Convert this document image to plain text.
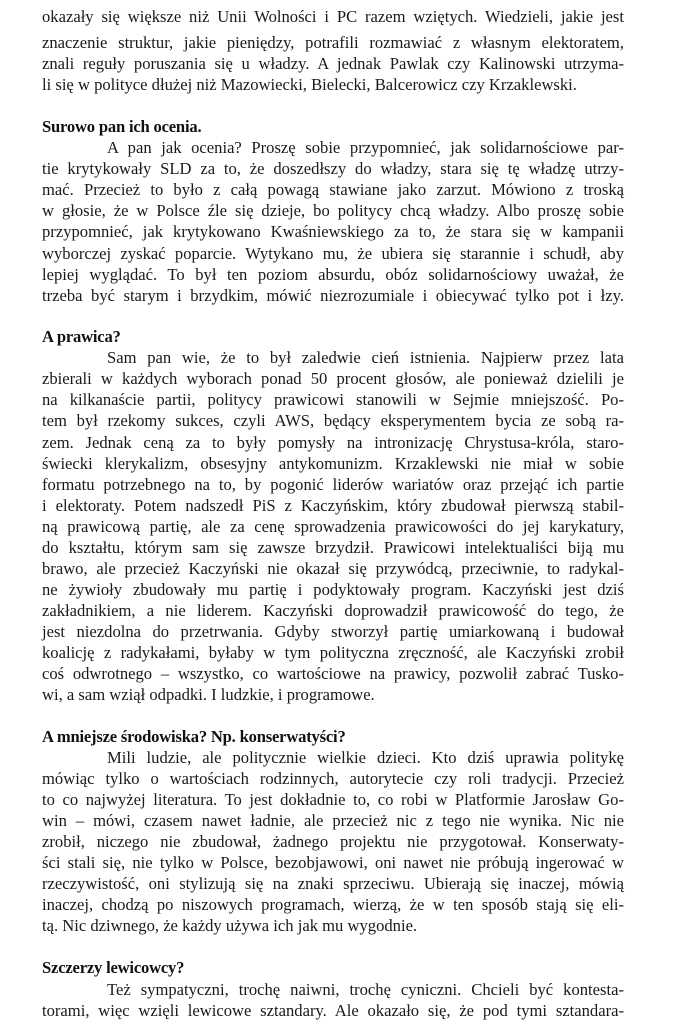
okazały się większe niż Unii Wolności i PC razem wziętych. Wiedzieli, jakie jest
znaczenie struktur, jakie pieniędzy, potrafili rozmawiać z własnym elektoratem,
znali reguły poruszania się u władzy. A jednak Pawlak czy Kalinowski utrzyma-
li się w polityce dłużej niż Mazowiecki, Bielecki, Balcerowicz czy Krzaklewski.
Surowo pan ich ocenia.
A pan jak ocenia? Proszę sobie przypomnieć, jak solidarnościowe par-
tie krytykowały SLD za to, że doszedłszy do władzy, stara się tę władzę utrzy-
mać. Przecież to było z całą powagą stawiane jako zarzut. Mówiono z troską
w głosie, że w Polsce źle się dzieje, bo politycy chcą władzy. Albo proszę sobie
przypomnieć, jak krytykowano Kwaśniewskiego za to, że stara się w kampanii
wyborczej zyskać poparcie. Wytykano mu, że ubiera się starannie i schudł, aby
lepiej wyglądać. To był ten poziom absurdu, obóz solidarnościowy uważał, że
trzeba być starym i brzydkim, mówić niezrozumiale i obiecywać tylko pot i łzy.
A prawica?
Sam pan wie, że to był zaledwie cień istnienia. Najpierw przez lata
zbierali w każdych wyborach ponad 50 procent głosów, ale ponieważ dzielili je
na kilkanaście partii, politycy prawicowi stanowili w Sejmie mniejszość. Po-
tem był rzekomy sukces, czyli AWS, będący eksperymentem bycia ze sobą ra-
zem. Jednak ceną za to były pomysły na intronizację Chrystusa-króla, staro-
świecki klerykalizm, obsesyjny antykomunizm. Krzaklewski nie miał w sobie
formatu potrzebnego na to, by pogonić liderów wariatów oraz przejąć ich partie
i elektoraty. Potem nadszedł PiS z Kaczyńskim, który zbudował pierwszą stabil-
ną prawicową partię, ale za cenę sprowadzenia prawicowości do jej karykatury,
do kształtu, którym sam się zawsze brzydził. Prawicowi intelektualiści biją mu
brawo, ale przecież Kaczyński nie okazał się przywódcą, przeciwnie, to radykal-
ne żywioły zbudowały mu partię i podyktowały program. Kaczyński jest dziś
zakładnikiem, a nie liderem. Kaczyński doprowadził prawicowość do tego, że
jest niezdolna do przetrwania. Gdyby stworzył partię umiarkowaną i budował
koalicję z radykałami, byłaby w tym polityczna zręczność, ale Kaczyński zrobił
coś odwrotnego – wszystko, co wartościowe na prawicy, pozwolił zabrać Tusko-
wi, a sam wziął odpadki. I ludzkie, i programowe.
A mniejsze środowiska? Np. konserwatyści?
Mili ludzie, ale politycznie wielkie dzieci. Kto dziś uprawia politykę
mówiąc tylko o wartościach rodzinnych, autorytecie czy roli tradycji. Przecież
to co najwyżej literatura. To jest dokładnie to, co robi w Platformie Jarosław Go-
win – mówi, czasem nawet ładnie, ale przecież nic z tego nie wynika. Nic nie
zrobił, niczego nie zbudował, żadnego projektu nie przygotował. Konserwaty-
ści stali się, nie tylko w Polsce, bezobjawowi, oni nawet nie próbują ingerować w
rzeczywistość, oni stylizują się na znaki sprzeciwu. Ubierają się inaczej, mówią
inaczej, chodzą po niszowych programach, wierzą, że w ten sposób stają się eli-
tą. Nic dziwnego, że każdy używa ich jak mu wygodnie.
Szczerzy lewicowcy?
Też sympatyczni, trochę naiwni, trochę cyniczni. Chcieli być kontesta-
torami, więc wzięli lewicowe sztandary. Ale okazało się, że pod tymi sztandara-
